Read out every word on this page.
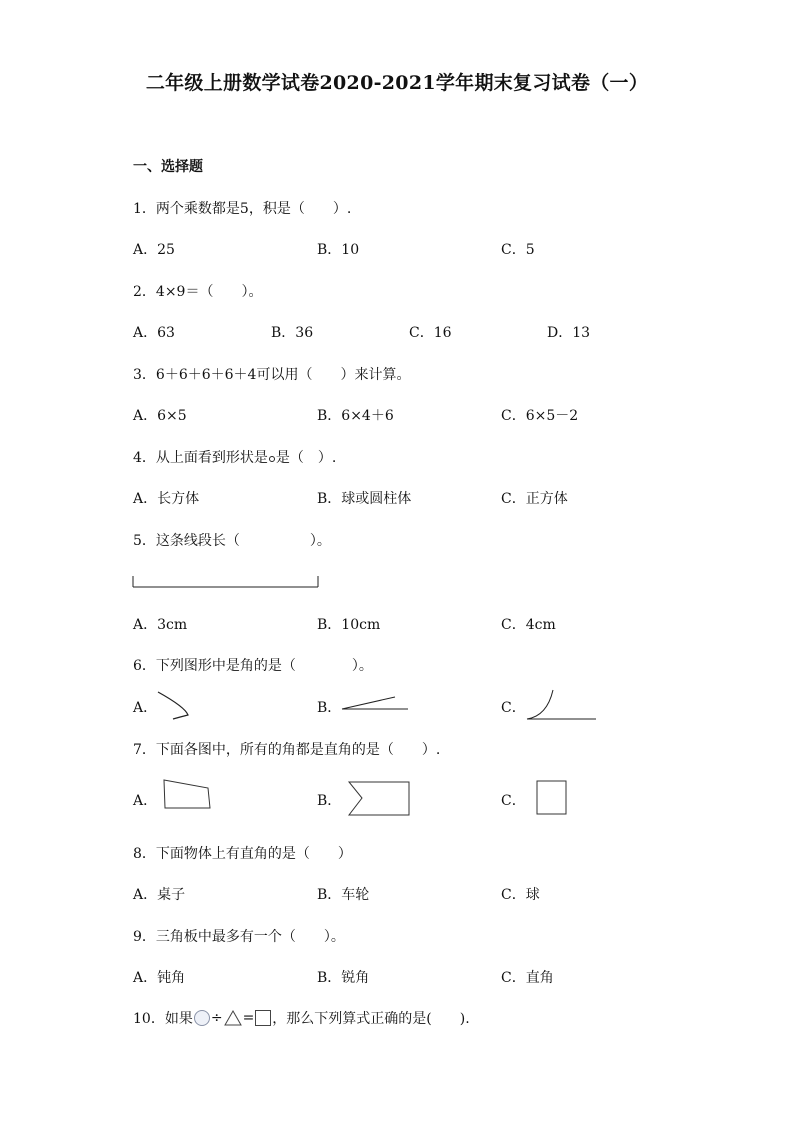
二年级上册数学试卷2020-2021学年期末复习试卷（一）
一、选择题
1．两个乘数都是5，积是（　　）.
A．25	B．10	C．5
2．4×9＝（　　）。
A．63	B．36	C．16	D．13
3．6＋6＋6＋6＋4可以用（　　）来计算。
A．6×5	B．6×4＋6	C．6×5－2
4．从上面看到形状是 是（　）.
A．长方体	B．球或圆柱体	C．正方体
5．这条线段长（　　　　　）。
A．3cm	B．10cm	C．4cm
6．下列图形中是角的是（　　　　）。
A．	B．	C．
7．下面各图中，所有的角都是直角的是（　　）.
A．	B．	C．
8．下面物体上有直角的是（　　）
A．桌子	B．车轮	C．球
9．三角板中最多有一个（　　）。
A．钝角	B．锐角	C．直角
10．如果 ÷ = ，那么下列算式正确的是(　　).
